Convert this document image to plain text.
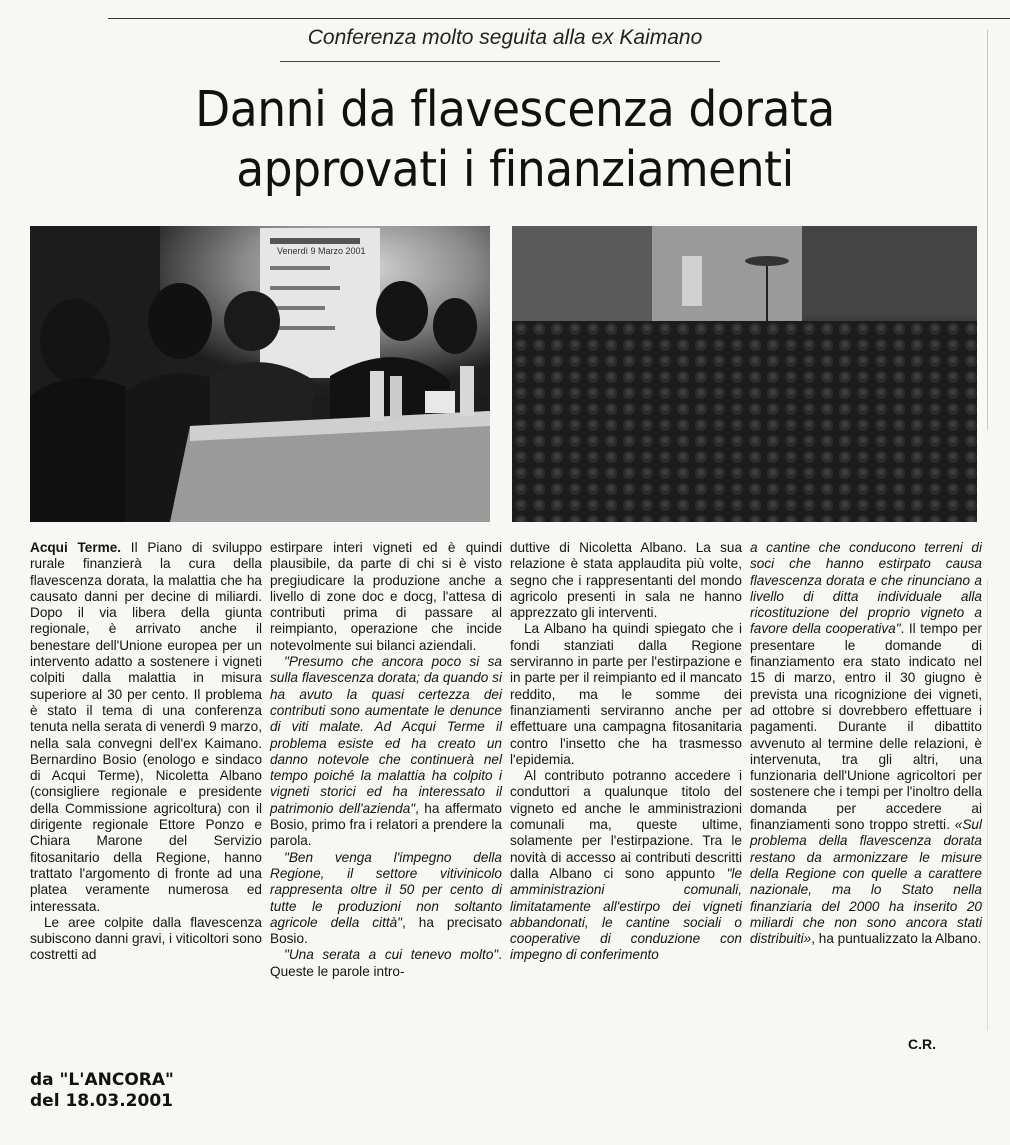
Conferenza molto seguita alla ex Kaimano
Danni da flavescenza dorata
approvati i finanziamenti
Venerdì 9 Marzo 2001

Acqui Terme. Il Piano di sviluppo rurale finanzierà la cura della flavescenza dorata, la malattia che ha causato danni per decine di miliardi. Dopo il via libera della giunta regionale, è arrivato anche il benestare dell'Unione europea per un intervento adatto a sostenere i vigneti colpiti dalla malattia in misura superiore al 30 per cento. Il problema è stato il tema di una conferenza tenuta nella serata di venerdì 9 marzo, nella sala convegni dell'ex Kaimano. Bernardino Bosio (enologo e sindaco di Acqui Terme), Nicoletta Albano (consigliere regionale e presidente della Commissione agricoltura) con il dirigente regionale Ettore Ponzo e Chiara Marone del Servizio fitosanitario della Regione, hanno trattato l'argomento di fronte ad una platea veramente numerosa ed interessata.

Le aree colpite dalla flavescenza subiscono danni gravi, i viticoltori sono costretti ad

estirpare interi vigneti ed è quindi plausibile, da parte di chi si è visto pregiudicare la produzione anche a livello di zone doc e docg, l'attesa di contributi prima di passare al reimpianto, operazione che incide notevolmente sui bilanci aziendali.

"Presumo che ancora poco si sa sulla flavescenza dorata; da quando si ha avuto la quasi certezza dei contributi sono aumentate le denunce di viti malate. Ad Acqui Terme il problema esiste ed ha creato un danno notevole che continuerà nel tempo poiché la malattia ha colpito i vigneti storici ed ha interessato il patrimonio dell'azienda", ha affermato Bosio, primo fra i relatori a prendere la parola.

"Ben venga l'impegno della Regione, il settore vitivinicolo rappresenta oltre il 50 per cento di tutte le produzioni non soltanto agricole della città", ha precisato Bosio.

"Una serata a cui tenevo molto". Queste le parole intro-

duttive di Nicoletta Albano. La sua relazione è stata applaudita più volte, segno che i rappresentanti del mondo agricolo presenti in sala ne hanno apprezzato gli interventi.

La Albano ha quindi spiegato che i fondi stanziati dalla Regione serviranno in parte per l'estirpazione e in parte per il reimpianto ed il mancato reddito, ma le somme dei finanziamenti serviranno anche per effettuare una campagna fitosanitaria contro l'insetto che ha trasmesso l'epidemia.

Al contributo potranno accedere i conduttori a qualunque titolo del vigneto ed anche le amministrazioni comunali ma, queste ultime, solamente per l'estirpazione. Tra le novità di accesso ai contributi descritti dalla Albano ci sono appunto "le amministrazioni comunali, limitatamente all'estirpo dei vigneti abbandonati, le cantine sociali o cooperative di conduzione con impegno di conferimento

a cantine che conducono terreni di soci che hanno estirpato causa flavescenza dorata e che rinunciano a livello di ditta individuale alla ricostituzione del proprio vigneto a favore della cooperativa". Il tempo per presentare le domande di finanziamento era stato indicato nel 15 di marzo, entro il 30 giugno è prevista una ricognizione dei vigneti, ad ottobre si dovrebbero effettuare i pagamenti. Durante il dibattito avvenuto al termine delle relazioni, è intervenuta, tra gli altri, una funzionaria dell'Unione agricoltori per sostenere che i tempi per l'inoltro della domanda per accedere ai finanziamenti sono troppo stretti. «Sul problema della flavescenza dorata restano da armonizzare le misure della Regione con quelle a carattere nazionale, ma lo Stato nella finanziaria del 2000 ha inserito 20 miliardi che non sono ancora stati distribuiti», ha puntualizzato la Albano.

C.R.
da "L'ANCORA"
del 18.03.2001
